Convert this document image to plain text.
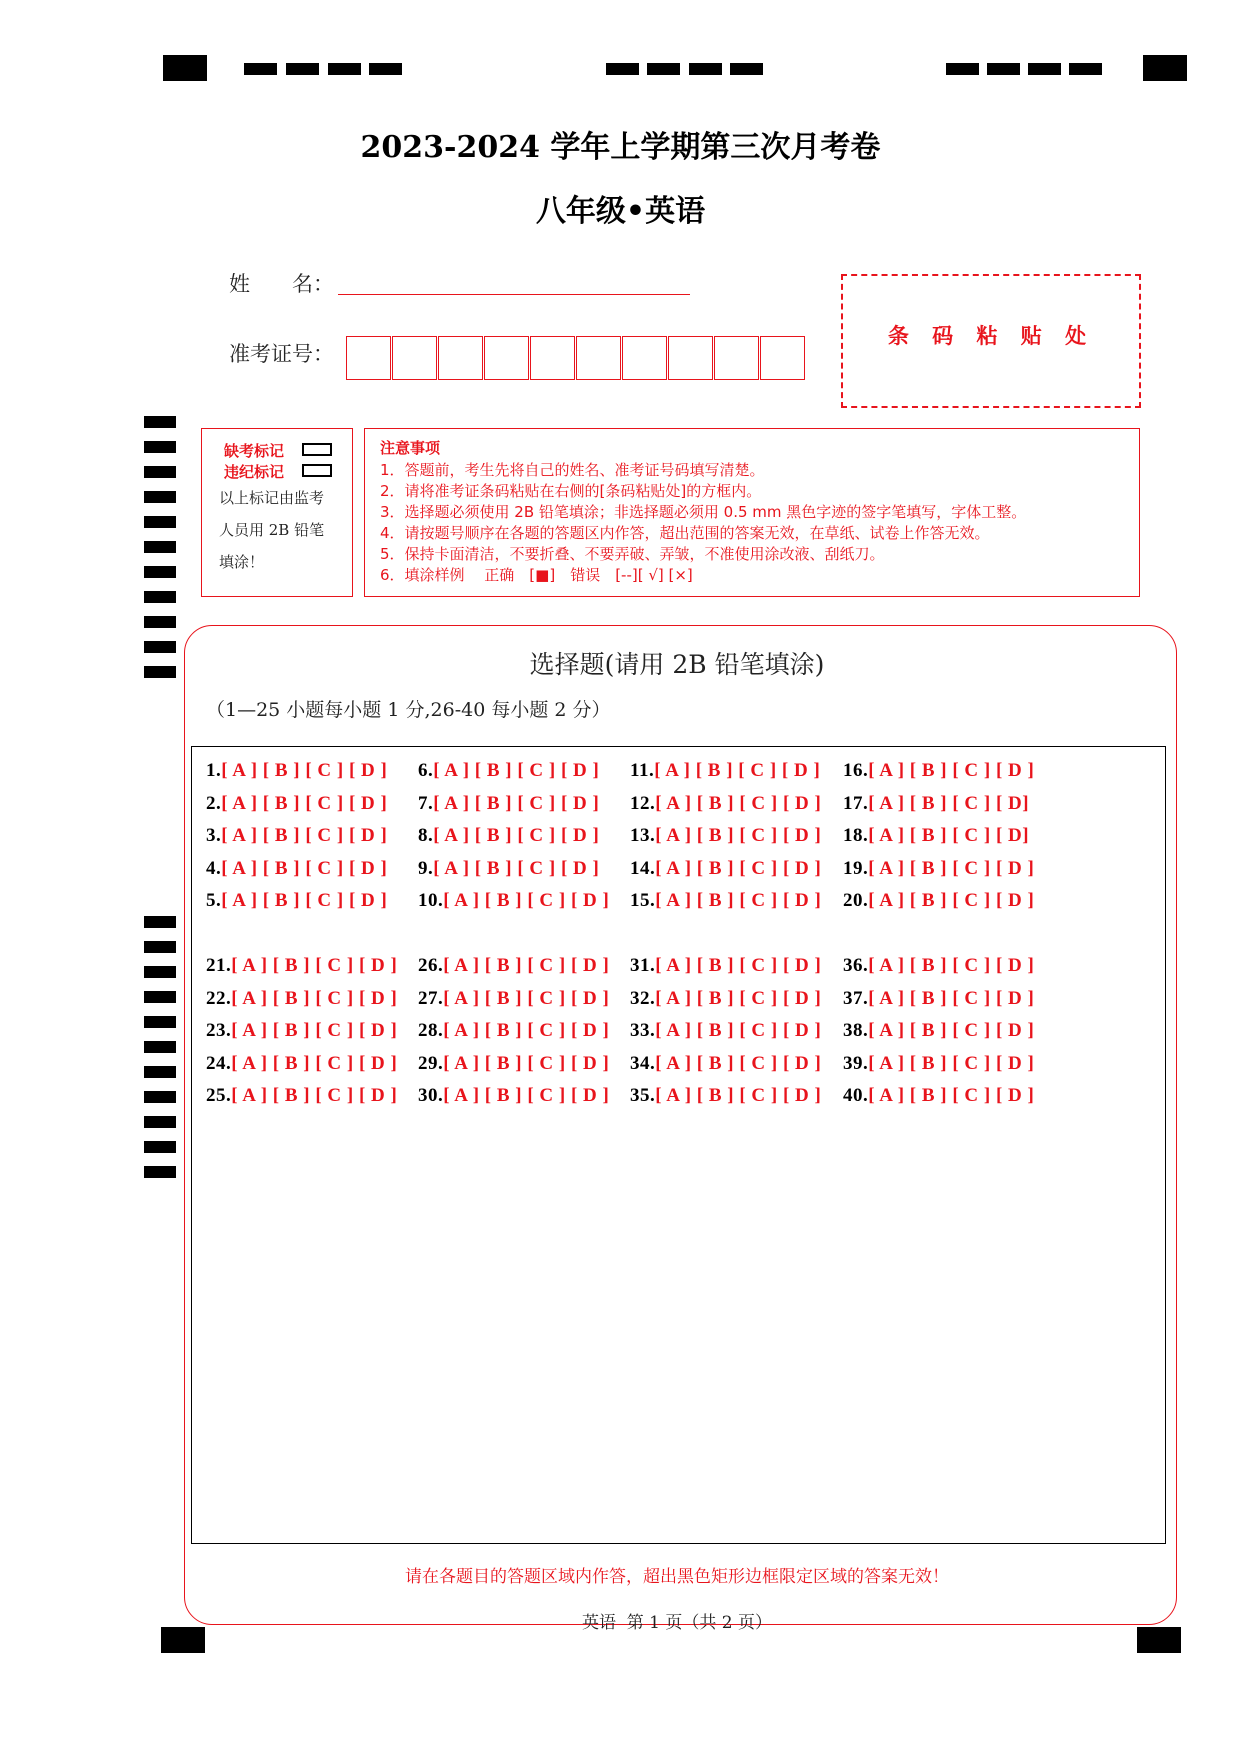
2023-2024 学年上学期第三次月考卷
八年级•英语
姓　　名：
准考证号：
条 码 粘 贴 处
缺考标记
违纪标记
以上标记由监考
人员用 2B 铅笔
填涂！
注意事项
1．答题前，考生先将自己的姓名、准考证号码填写清楚。
2．请将准考证条码粘贴在右侧的[条码粘贴处]的方框内。
3．选择题必须使用 2B 铅笔填涂；非选择题必须用 0.5 mm 黑色字迹的签字笔填写，字体工整。
4．请按题号顺序在各题的答题区内作答，超出范围的答案无效，在草纸、试卷上作答无效。
5．保持卡面清洁，不要折叠、不要弄破、弄皱，不准使用涂改液、刮纸刀。
6．填涂样例　 正确　[■]　错误　[--][ √] [×]
选择题(请用 2B 铅笔填涂)
（1—25 小题每小题 1 分,26-40 每小题 2 分）
1.[ A ] [ B ] [ C ] [ D ]
2.[ A ] [ B ] [ C ] [ D ]
3.[ A ] [ B ] [ C ] [ D ]
4.[ A ] [ B ] [ C ] [ D ]
5.[ A ] [ B ] [ C ] [ D ]
6.[ A ] [ B ] [ C ] [ D ]
7.[ A ] [ B ] [ C ] [ D ]
8.[ A ] [ B ] [ C ] [ D ]
9.[ A ] [ B ] [ C ] [ D ]
10.[ A ] [ B ] [ C ] [ D ]
11.[ A ] [ B ] [ C ] [ D ]
12.[ A ] [ B ] [ C ] [ D ]
13.[ A ] [ B ] [ C ] [ D ]
14.[ A ] [ B ] [ C ] [ D ]
15.[ A ] [ B ] [ C ] [ D ]
16.[ A ] [ B ] [ C ] [ D ]
17.[ A ] [ B ] [ C ] [ D]
18.[ A ] [ B ] [ C ] [ D]
19.[ A ] [ B ] [ C ] [ D ]
20.[ A ] [ B ] [ C ] [ D ]
21.[ A ] [ B ] [ C ] [ D ]
22.[ A ] [ B ] [ C ] [ D ]
23.[ A ] [ B ] [ C ] [ D ]
24.[ A ] [ B ] [ C ] [ D ]
25.[ A ] [ B ] [ C ] [ D ]
26.[ A ] [ B ] [ C ] [ D ]
27.[ A ] [ B ] [ C ] [ D ]
28.[ A ] [ B ] [ C ] [ D ]
29.[ A ] [ B ] [ C ] [ D ]
30.[ A ] [ B ] [ C ] [ D ]
31.[ A ] [ B ] [ C ] [ D ]
32.[ A ] [ B ] [ C ] [ D ]
33.[ A ] [ B ] [ C ] [ D ]
34.[ A ] [ B ] [ C ] [ D ]
35.[ A ] [ B ] [ C ] [ D ]
36.[ A ] [ B ] [ C ] [ D ]
37.[ A ] [ B ] [ C ] [ D ]
38.[ A ] [ B ] [ C ] [ D ]
39.[ A ] [ B ] [ C ] [ D ]
40.[ A ] [ B ] [ C ] [ D ]
请在各题目的答题区域内作答，超出黑色矩形边框限定区域的答案无效！
英语  第 1 页（共 2 页）
